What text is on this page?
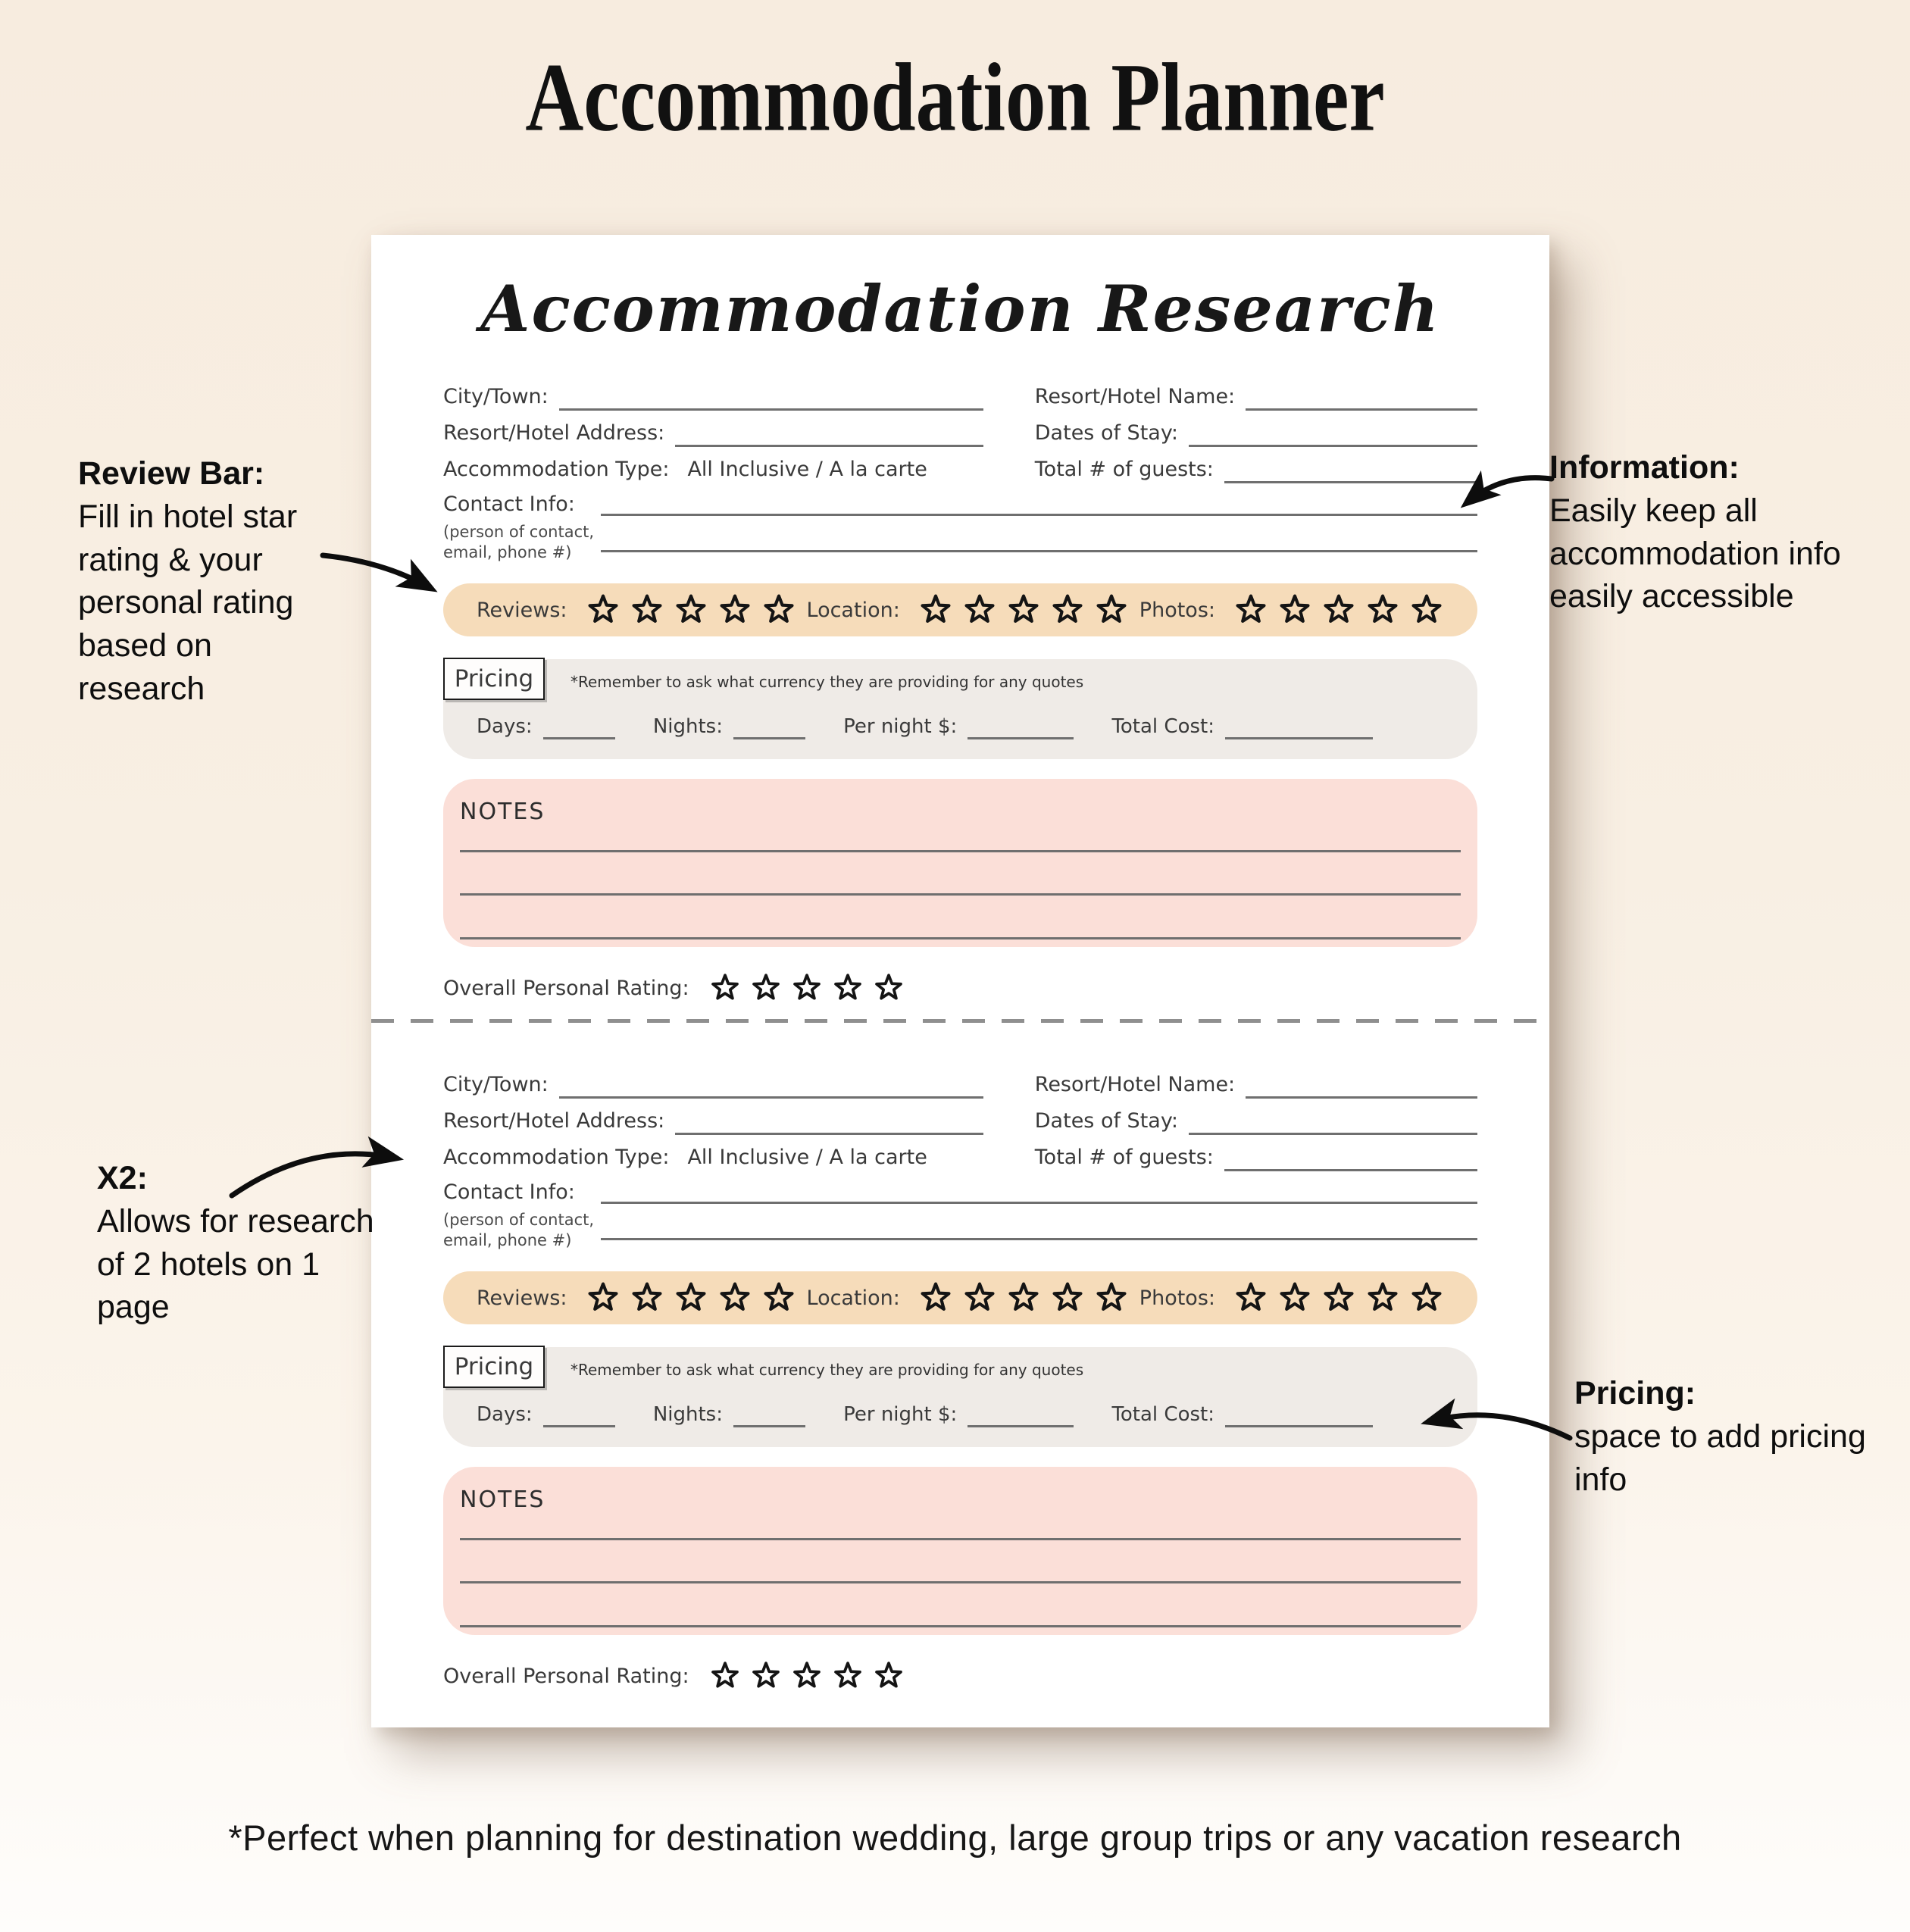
Accommodation Planner
Accommodation Research
City/Town:	Resort/Hotel Name:
Resort/Hotel Address:	Dates of Stay:
Accommodation Type: All Inclusive / A la carte	Total # of guests:
Contact Info:
(person of contact,
email, phone #)
Reviews:	Location:	Photos:
Pricing	*Remember to ask what currency they are providing for any quotes
Days:	Nights:	Per night $:	Total Cost:
NOTES
Overall Personal Rating:
City/Town:	Resort/Hotel Name:
Resort/Hotel Address:	Dates of Stay:
Accommodation Type: All Inclusive / A la carte	Total # of guests:
Contact Info:
(person of contact,
email, phone #)
Reviews:	Location:	Photos:
Pricing	*Remember to ask what currency they are providing for any quotes
Days:	Nights:	Per night $:	Total Cost:
NOTES
Overall Personal Rating:
Review Bar:
Fill in hotel star rating & your personal rating based on research
Information:
Easily keep all accommodation info easily accessible
X2:
Allows for research of 2 hotels on 1 page
Pricing:
space to add pricing info
*Perfect when planning for destination wedding, large group trips or any vacation research
